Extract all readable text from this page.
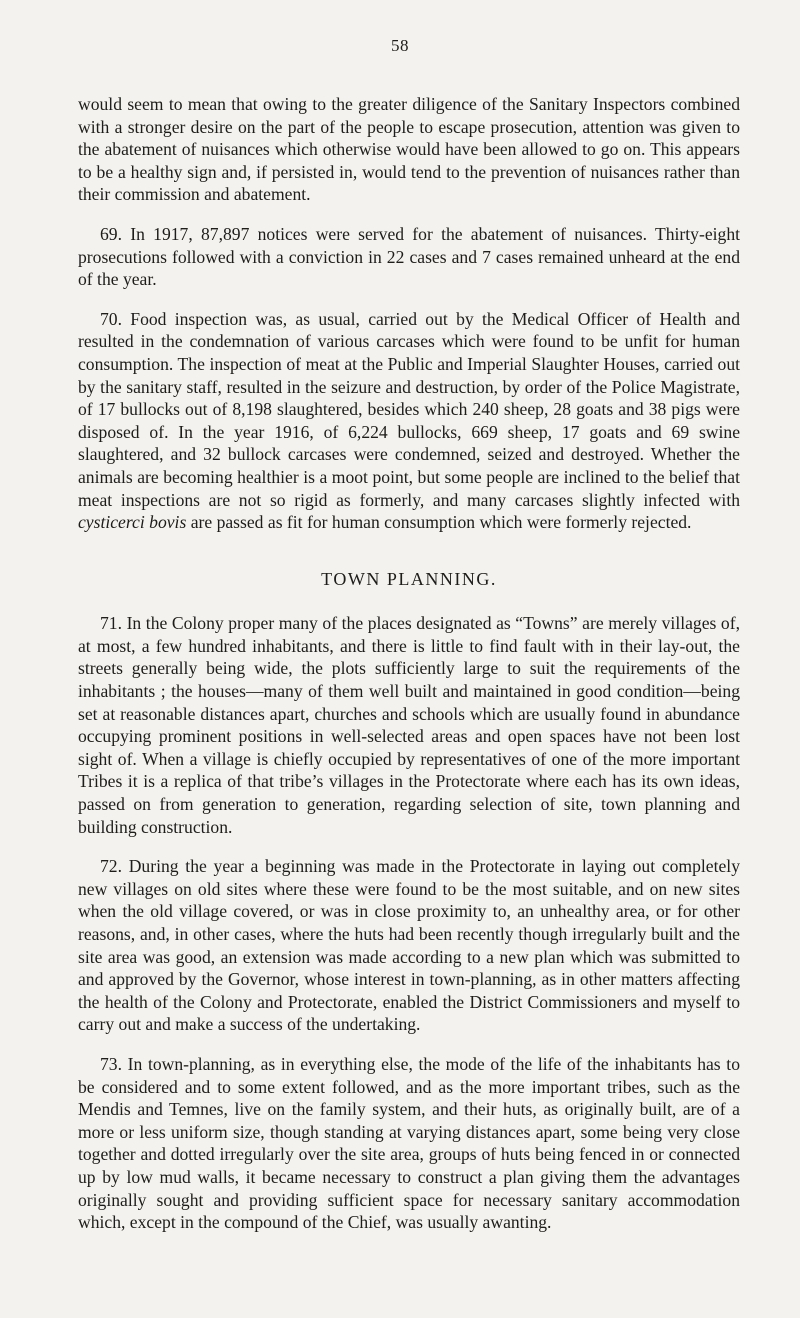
58

would seem to mean that owing to the greater diligence of the Sanitary Inspectors combined with a stronger desire on the part of the people to escape prosecution, attention was given to the abatement of nuisances which otherwise would have been allowed to go on. This appears to be a healthy sign and, if persisted in, would tend to the prevention of nuisances rather than their commission and abatement.

69. In 1917, 87,897 notices were served for the abatement of nuisances. Thirty-eight prosecutions followed with a conviction in 22 cases and 7 cases remained unheard at the end of the year.

70. Food inspection was, as usual, carried out by the Medical Officer of Health and resulted in the condemnation of various carcases which were found to be unfit for human consumption. The inspection of meat at the Public and Imperial Slaughter Houses, carried out by the sanitary staff, resulted in the seizure and destruction, by order of the Police Magistrate, of 17 bullocks out of 8,198 slaughtered, besides which 240 sheep, 28 goats and 38 pigs were disposed of. In the year 1916, of 6,224 bullocks, 669 sheep, 17 goats and 69 swine slaughtered, and 32 bullock carcases were condemned, seized and destroyed. Whether the animals are becoming healthier is a moot point, but some people are inclined to the belief that meat inspections are not so rigid as formerly, and many carcases slightly infected with cysticerci bovis are passed as fit for human consumption which were formerly rejected.

TOWN PLANNING.

71. In the Colony proper many of the places designated as “Towns” are merely villages of, at most, a few hundred inhabitants, and there is little to find fault with in their lay-out, the streets generally being wide, the plots sufficiently large to suit the requirements of the inhabitants ; the houses—many of them well built and maintained in good condition—being set at reasonable distances apart, churches and schools which are usually found in abundance occupying prominent positions in well-selected areas and open spaces have not been lost sight of. When a village is chiefly occupied by representatives of one of the more important Tribes it is a replica of that tribe’s villages in the Protectorate where each has its own ideas, passed on from generation to generation, regarding selection of site, town planning and building construction.

72. During the year a beginning was made in the Protectorate in laying out completely new villages on old sites where these were found to be the most suitable, and on new sites when the old village covered, or was in close proximity to, an unhealthy area, or for other reasons, and, in other cases, where the huts had been recently though irregularly built and the site area was good, an extension was made according to a new plan which was submitted to and approved by the Governor, whose interest in town-planning, as in other matters affecting the health of the Colony and Protectorate, enabled the District Commissioners and myself to carry out and make a success of the undertaking.

73. In town-planning, as in everything else, the mode of the life of the inhabitants has to be considered and to some extent followed, and as the more important tribes, such as the Mendis and Temnes, live on the family system, and their huts, as originally built, are of a more or less uniform size, though standing at varying distances apart, some being very close together and dotted irregularly over the site area, groups of huts being fenced in or connected up by low mud walls, it became necessary to construct a plan giving them the advantages originally sought and providing sufficient space for necessary sanitary accommodation which, except in the compound of the Chief, was usually awanting.
